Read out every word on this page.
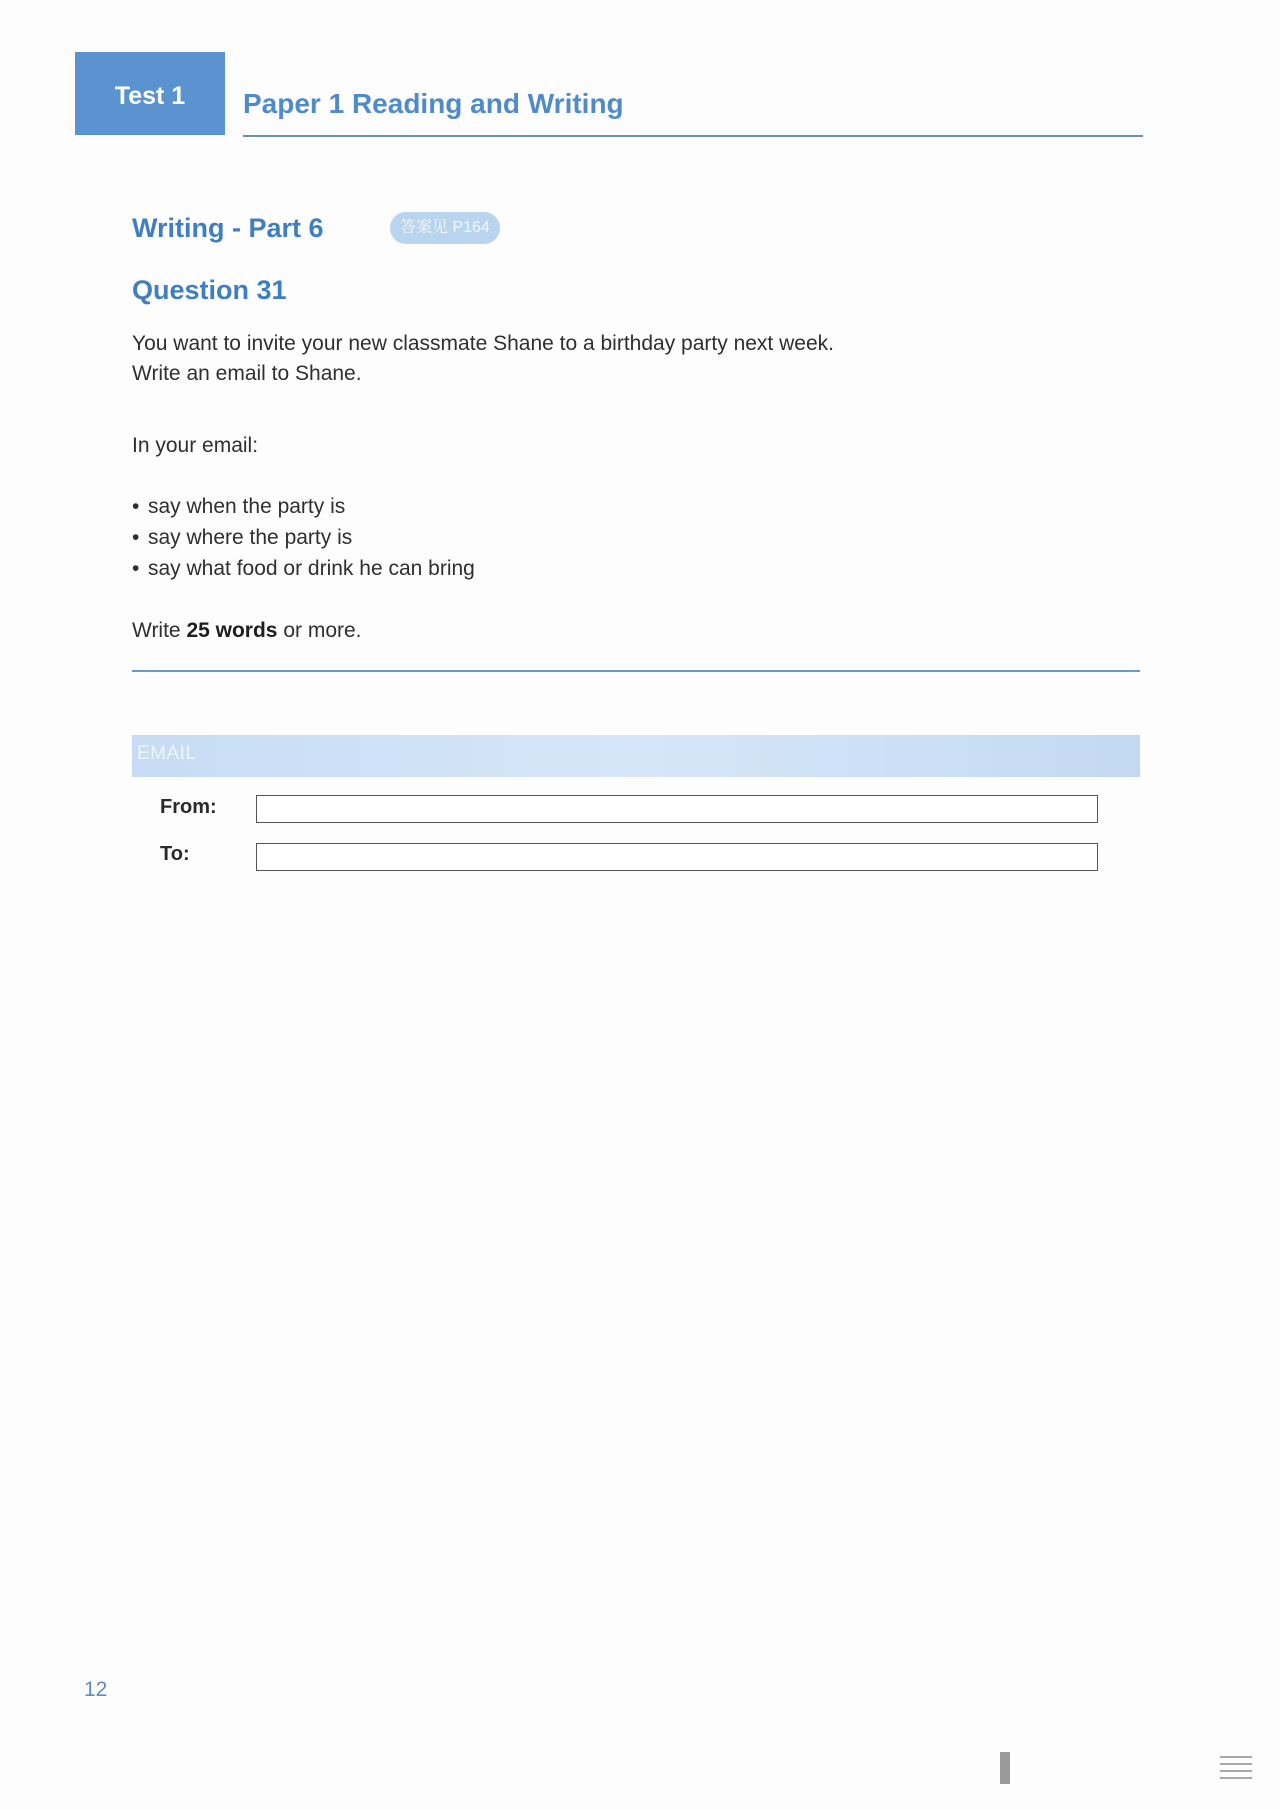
Test 1 Paper 1 Reading and Writing
Writing - Part 6	答案见 P164
Question 31
You want to invite your new classmate Shane to a birthday party next week.
Write an email to Shane.
In your email:
• say when the party is
• say where the party is
• say what food or drink he can bring
Write 25 words or more.
EMAIL
From:
To:
12
